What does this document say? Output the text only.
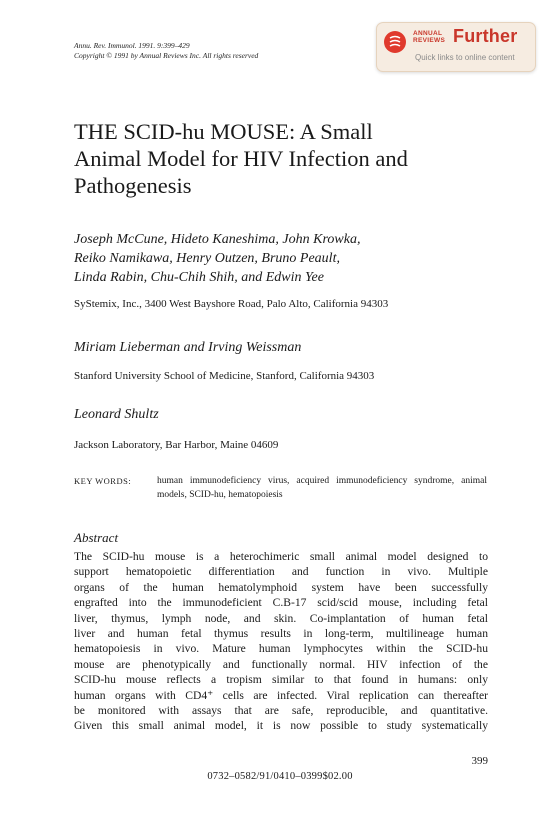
Annu. Rev. Immunol. 1991. 9:399–429
Copyright © 1991 by Annual Reviews Inc. All rights reserved
ANNUAL
REVIEWS Further
Quick links to online content
THE SCID-hu MOUSE: A Small
Animal Model for HIV Infection and
Pathogenesis
Joseph McCune, Hideto Kaneshima, John Krowka,
Reiko Namikawa, Henry Outzen, Bruno Peault,
Linda Rabin, Chu-Chih Shih, and Edwin Yee
SyStemix, Inc., 3400 West Bayshore Road, Palo Alto, California 94303
Miriam Lieberman and Irving Weissman
Stanford University School of Medicine, Stanford, California 94303
Leonard Shultz
Jackson Laboratory, Bar Harbor, Maine 04609
KEY WORDS:	human immunodeficiency virus, acquired immunodeficiency syndrome, animal models, SCID-hu, hematopoiesis
Abstract
The SCID-hu mouse is a heterochimeric small animal model designed to
support hematopoietic differentiation and function in vivo. Multiple
organs of the human hematolymphoid system have been successfully
engrafted into the immunodeficient C.B-17 scid/scid mouse, including fetal
liver, thymus, lymph node, and skin. Co-implantation of human fetal
liver and human fetal thymus results in long-term, multilineage human
hematopoiesis in vivo. Mature human lymphocytes within the SCID-hu
mouse are phenotypically and functionally normal. HIV infection of the
SCID-hu mouse reflects a tropism similar to that found in humans: only
human organs with CD4⁺ cells are infected. Viral replication can thereafter
be monitored with assays that are safe, reproducible, and quantitative.
Given this small animal model, it is now possible to study systematically
399
0732–0582/91/0410–0399$02.00
